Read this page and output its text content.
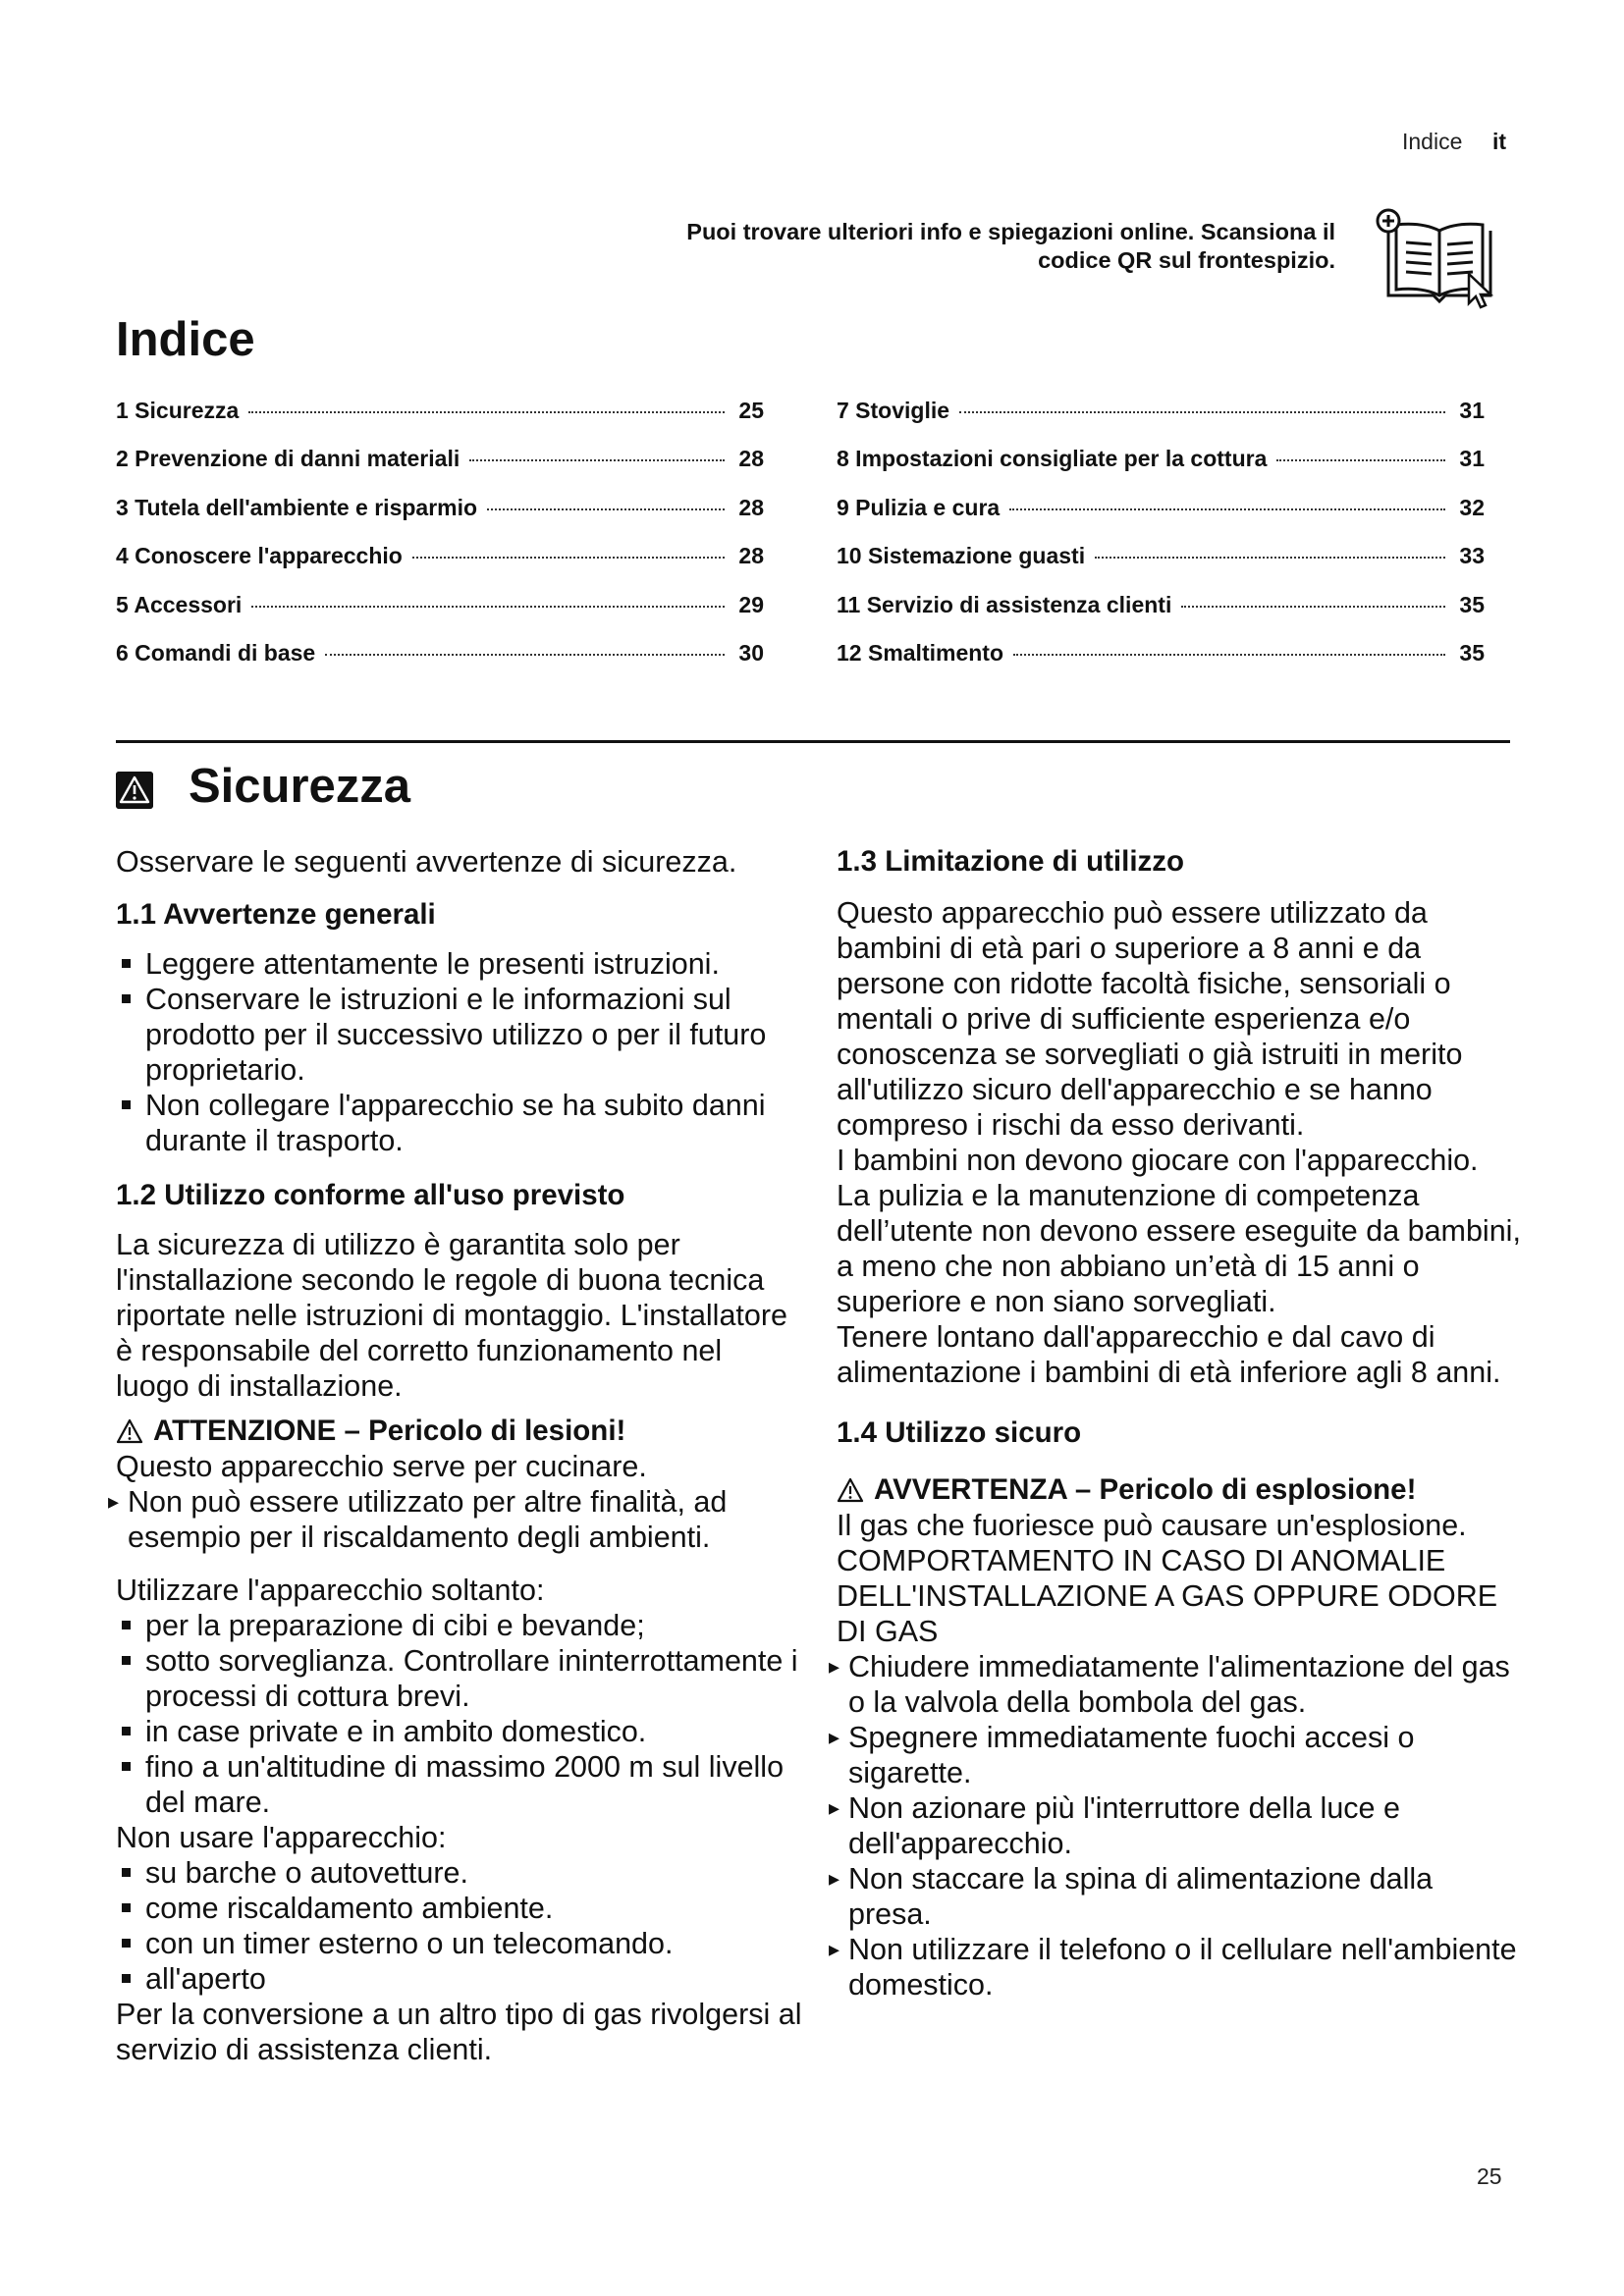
Indice it
Puoi trovare ulteriori info e spiegazioni online. Scansiona il
codice QR sul frontespizio.
Indice
1 Sicurezza	25
2 Prevenzione di danni materiali	28
3 Tutela dell'ambiente e risparmio	28
4 Conoscere l'apparecchio	28
5 Accessori	29
6 Comandi di base	30
7 Stoviglie	31
8 Impostazioni consigliate per la cottura	31
9 Pulizia e cura	32
10 Sistemazione guasti	33
11 Servizio di assistenza clienti	35
12 Smaltimento	35
Sicurezza

Osservare le seguenti avvertenze di sicurezza.

1.1 Avvertenze generali

Leggere attentamente le presenti istruzioni.
Conservare le istruzioni e le informazioni sul prodotto per il successivo utilizzo o per il futuro proprietario.
Non collegare l'apparecchio se ha subito danni durante il trasporto.

1.2 Utilizzo conforme all'uso previsto

La sicurezza di utilizzo è garantita solo per l'installazione secondo le regole di buona tecnica riportate nelle istruzioni di montaggio. L'installatore è responsabile del corretto funzionamento nel luogo di installazione.

ATTENZIONE – Pericolo di lesioni!

Questo apparecchio serve per cucinare.

▸ Non può essere utilizzato per altre finalità, ad esempio per il riscaldamento degli ambienti.

Utilizzare l'apparecchio soltanto:

per la preparazione di cibi e bevande;
sotto sorveglianza. Controllare ininterrottamente i processi di cottura brevi.
in case private e in ambito domestico.
fino a un'altitudine di massimo 2000 m sul livello del mare.

Non usare l'apparecchio:

su barche o autovetture.
come riscaldamento ambiente.
con un timer esterno o un telecomando.
all'aperto

Per la conversione a un altro tipo di gas rivolgersi al servizio di assistenza clienti.

1.3 Limitazione di utilizzo

Questo apparecchio può essere utilizzato da bambini di età pari o superiore a 8 anni e da persone con ridotte facoltà fisiche, sensoriali o mentali o prive di sufficiente esperienza e/o conoscenza se sorvegliati o già istruiti in merito all'utilizzo sicuro dell'apparecchio e se hanno compreso i rischi da esso derivanti.

I bambini non devono giocare con l'apparecchio.

La pulizia e la manutenzione di competenza dell’utente non devono essere eseguite da bambini, a meno che non abbiano un’età di 15 anni o superiore e non siano sorvegliati.

Tenere lontano dall'apparecchio e dal cavo di alimentazione i bambini di età inferiore agli 8 anni.

1.4 Utilizzo sicuro

AVVERTENZA – Pericolo di esplosione!

Il gas che fuoriesce può causare un'esplosione.

COMPORTAMENTO IN CASO DI ANOMALIE DELL'INSTALLAZIONE A GAS OPPURE ODORE DI GAS

▸ Chiudere immediatamente l'alimentazione del gas o la valvola della bombola del gas.
▸ Spegnere immediatamente fuochi accesi o sigarette.
▸ Non azionare più l'interruttore della luce e dell'apparecchio.
▸ Non staccare la spina di alimentazione dalla presa.
▸ Non utilizzare il telefono o il cellulare nell'ambiente domestico.
25
